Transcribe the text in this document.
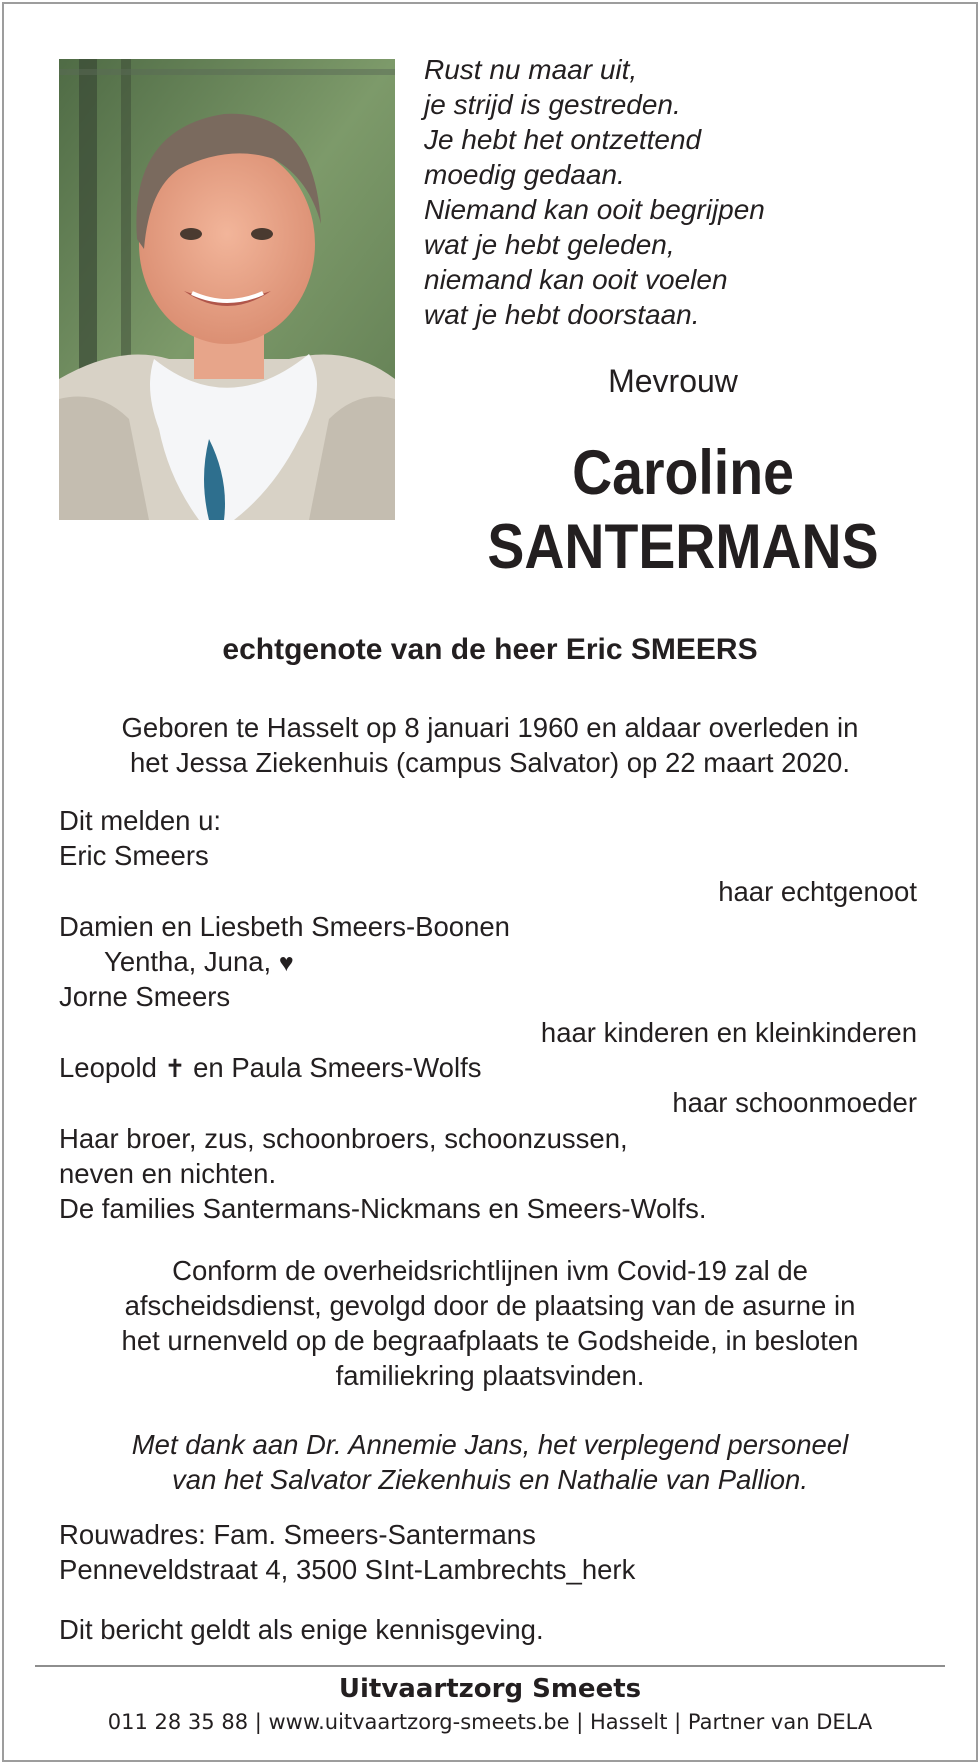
Rust nu maar uit,
je strijd is gestreden.
Je hebt het ontzettend
moedig gedaan.
Niemand kan ooit begrijpen
wat je hebt geleden,
niemand kan ooit voelen
wat je hebt doorstaan.
Mevrouw
Caroline
SANTERMANS
echtgenote van de heer Eric SMEERS
Geboren te Hasselt op 8 januari 1960 en aldaar overleden in
het Jessa Ziekenhuis (campus Salvator) op 22 maart 2020.
Dit melden u:
Eric Smeers
haar echtgenoot
Damien en Liesbeth Smeers-Boonen
Yentha, Juna, ♥
Jorne Smeers
haar kinderen en kleinkinderen
Leopold ✝ en Paula Smeers-Wolfs
haar schoonmoeder
Haar broer, zus, schoonbroers, schoonzussen,
neven en nichten.
De families Santermans-Nickmans en Smeers-Wolfs.
Conform de overheidsrichtlijnen ivm Covid-19 zal de
afscheidsdienst, gevolgd door de plaatsing van de asurne in
het urnenveld op de begraafplaats te Godsheide, in besloten
familiekring plaatsvinden.
Met dank aan Dr. Annemie Jans, het verplegend personeel
van het Salvator Ziekenhuis en Nathalie van Pallion.
Rouwadres: Fam. Smeers-Santermans
Penneveldstraat 4, 3500 SInt-Lambrechts_herk
Dit bericht geldt als enige kennisgeving.
Uitvaartzorg Smeets
011 28 35 88 | www.uitvaartzorg-smeets.be | Hasselt | Partner van DELA
